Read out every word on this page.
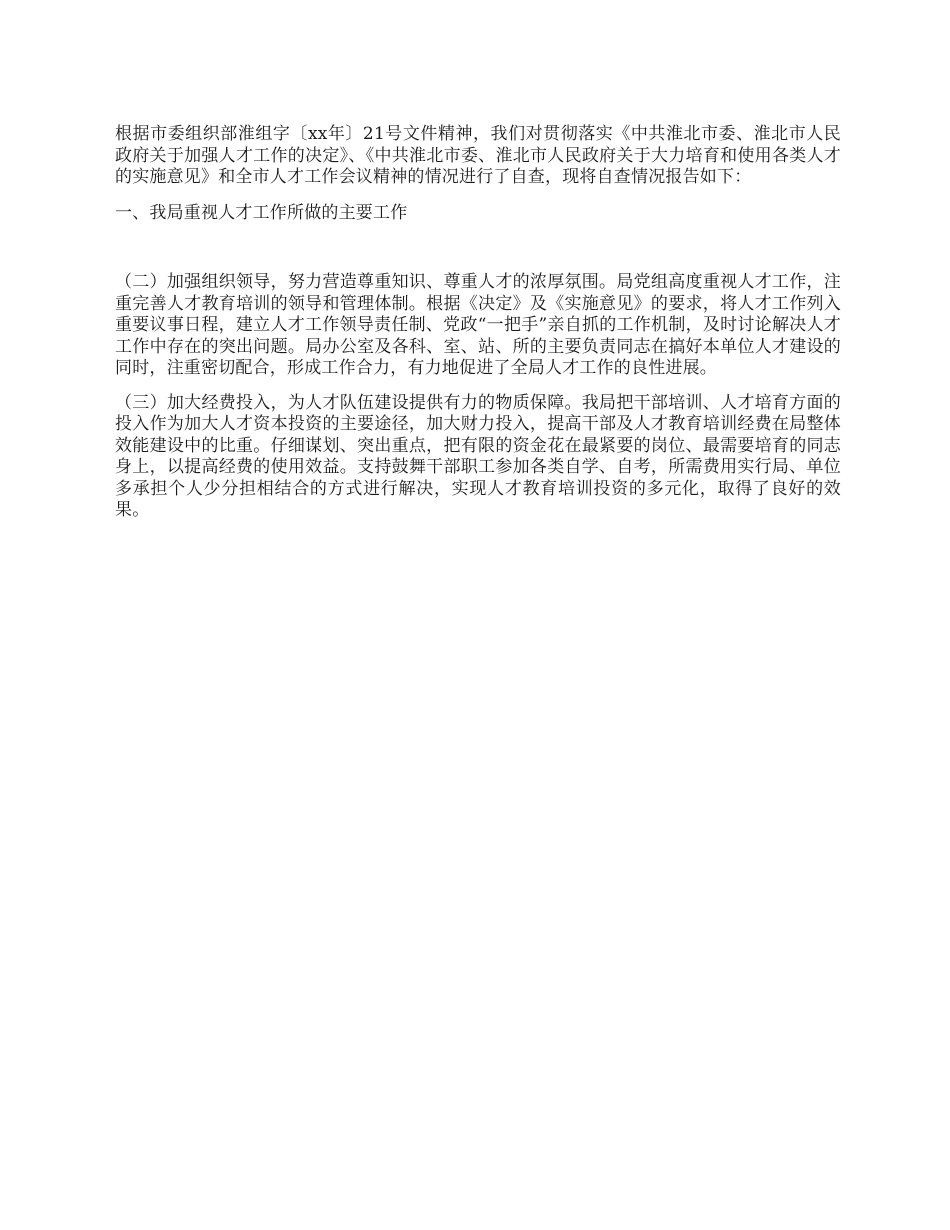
根据市委组织部淮组字〔xx年〕21号文件精神，我们对贯彻落实《中共淮北市委、淮北市人民政府关于加强人才工作的决定》、《中共淮北市委、淮北市人民政府关于大力培育和使用各类人才的实施意见》和全市人才工作会议精神的情况进行了自查，现将自查情况报告如下：

一、我局重视人才工作所做的主要工作

（二）加强组织领导，努力营造尊重知识、尊重人才的浓厚氛围。局党组高度重视人才工作，注重完善人才教育培训的领导和管理体制。根据《决定》及《实施意见》的要求，将人才工作列入重要议事日程，建立人才工作领导责任制、党政“一把手”亲自抓的工作机制，及时讨论解决人才工作中存在的突出问题。局办公室及各科、室、站、所的主要负责同志在搞好本单位人才建设的同时，注重密切配合，形成工作合力，有力地促进了全局人才工作的良性进展。

（三）加大经费投入，为人才队伍建设提供有力的物质保障。我局把干部培训、人才培育方面的投入作为加大人才资本投资的主要途径，加大财力投入，提高干部及人才教育培训经费在局整体效能建设中的比重。仔细谋划、突出重点，把有限的资金花在最紧要的岗位、最需要培育的同志身上，以提高经费的使用效益。支持鼓舞干部职工参加各类自学、自考，所需费用实行局、单位多承担个人少分担相结合的方式进行解决，实现人才教育培训投资的多元化，取得了良好的效果。
